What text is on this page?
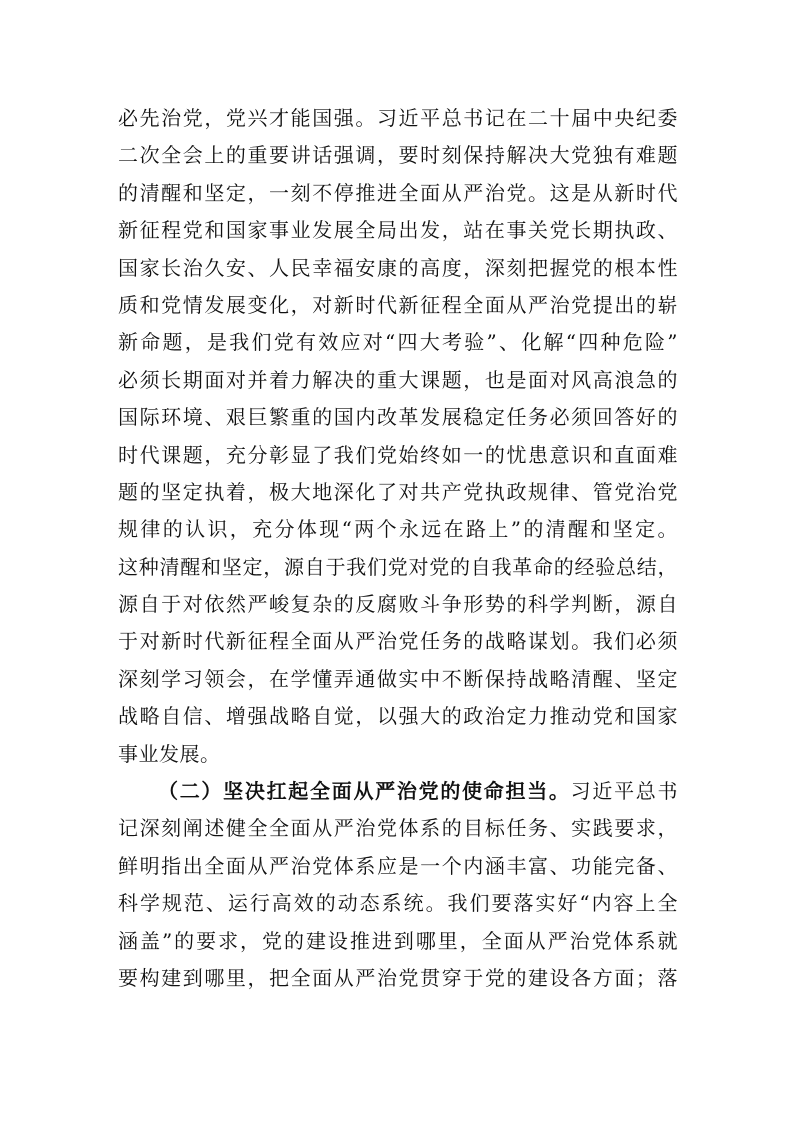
必先治党，党兴才能国强。习近平总书记在二十届中央纪委
二次全会上的重要讲话强调，要时刻保持解决大党独有难题
的清醒和坚定，一刻不停推进全面从严治党。这是从新时代
新征程党和国家事业发展全局出发，站在事关党长期执政、
国家长治久安、人民幸福安康的高度，深刻把握党的根本性
质和党情发展变化，对新时代新征程全面从严治党提出的崭
新命题，是我们党有效应对“四大考验”、化解“四种危险”
必须长期面对并着力解决的重大课题，也是面对风高浪急的
国际环境、艰巨繁重的国内改革发展稳定任务必须回答好的
时代课题，充分彰显了我们党始终如一的忧患意识和直面难
题的坚定执着，极大地深化了对共产党执政规律、管党治党
规律的认识，充分体现“两个永远在路上”的清醒和坚定。
这种清醒和坚定，源自于我们党对党的自我革命的经验总结，
源自于对依然严峻复杂的反腐败斗争形势的科学判断，源自
于对新时代新征程全面从严治党任务的战略谋划。我们必须
深刻学习领会，在学懂弄通做实中不断保持战略清醒、坚定
战略自信、增强战略自觉，以强大的政治定力推动党和国家
事业发展。
（二）坚决扛起全面从严治党的使命担当。习近平总书
记深刻阐述健全全面从严治党体系的目标任务、实践要求，
鲜明指出全面从严治党体系应是一个内涵丰富、功能完备、
科学规范、运行高效的动态系统。我们要落实好“内容上全
涵盖”的要求，党的建设推进到哪里，全面从严治党体系就
要构建到哪里，把全面从严治党贯穿于党的建设各方面；落
